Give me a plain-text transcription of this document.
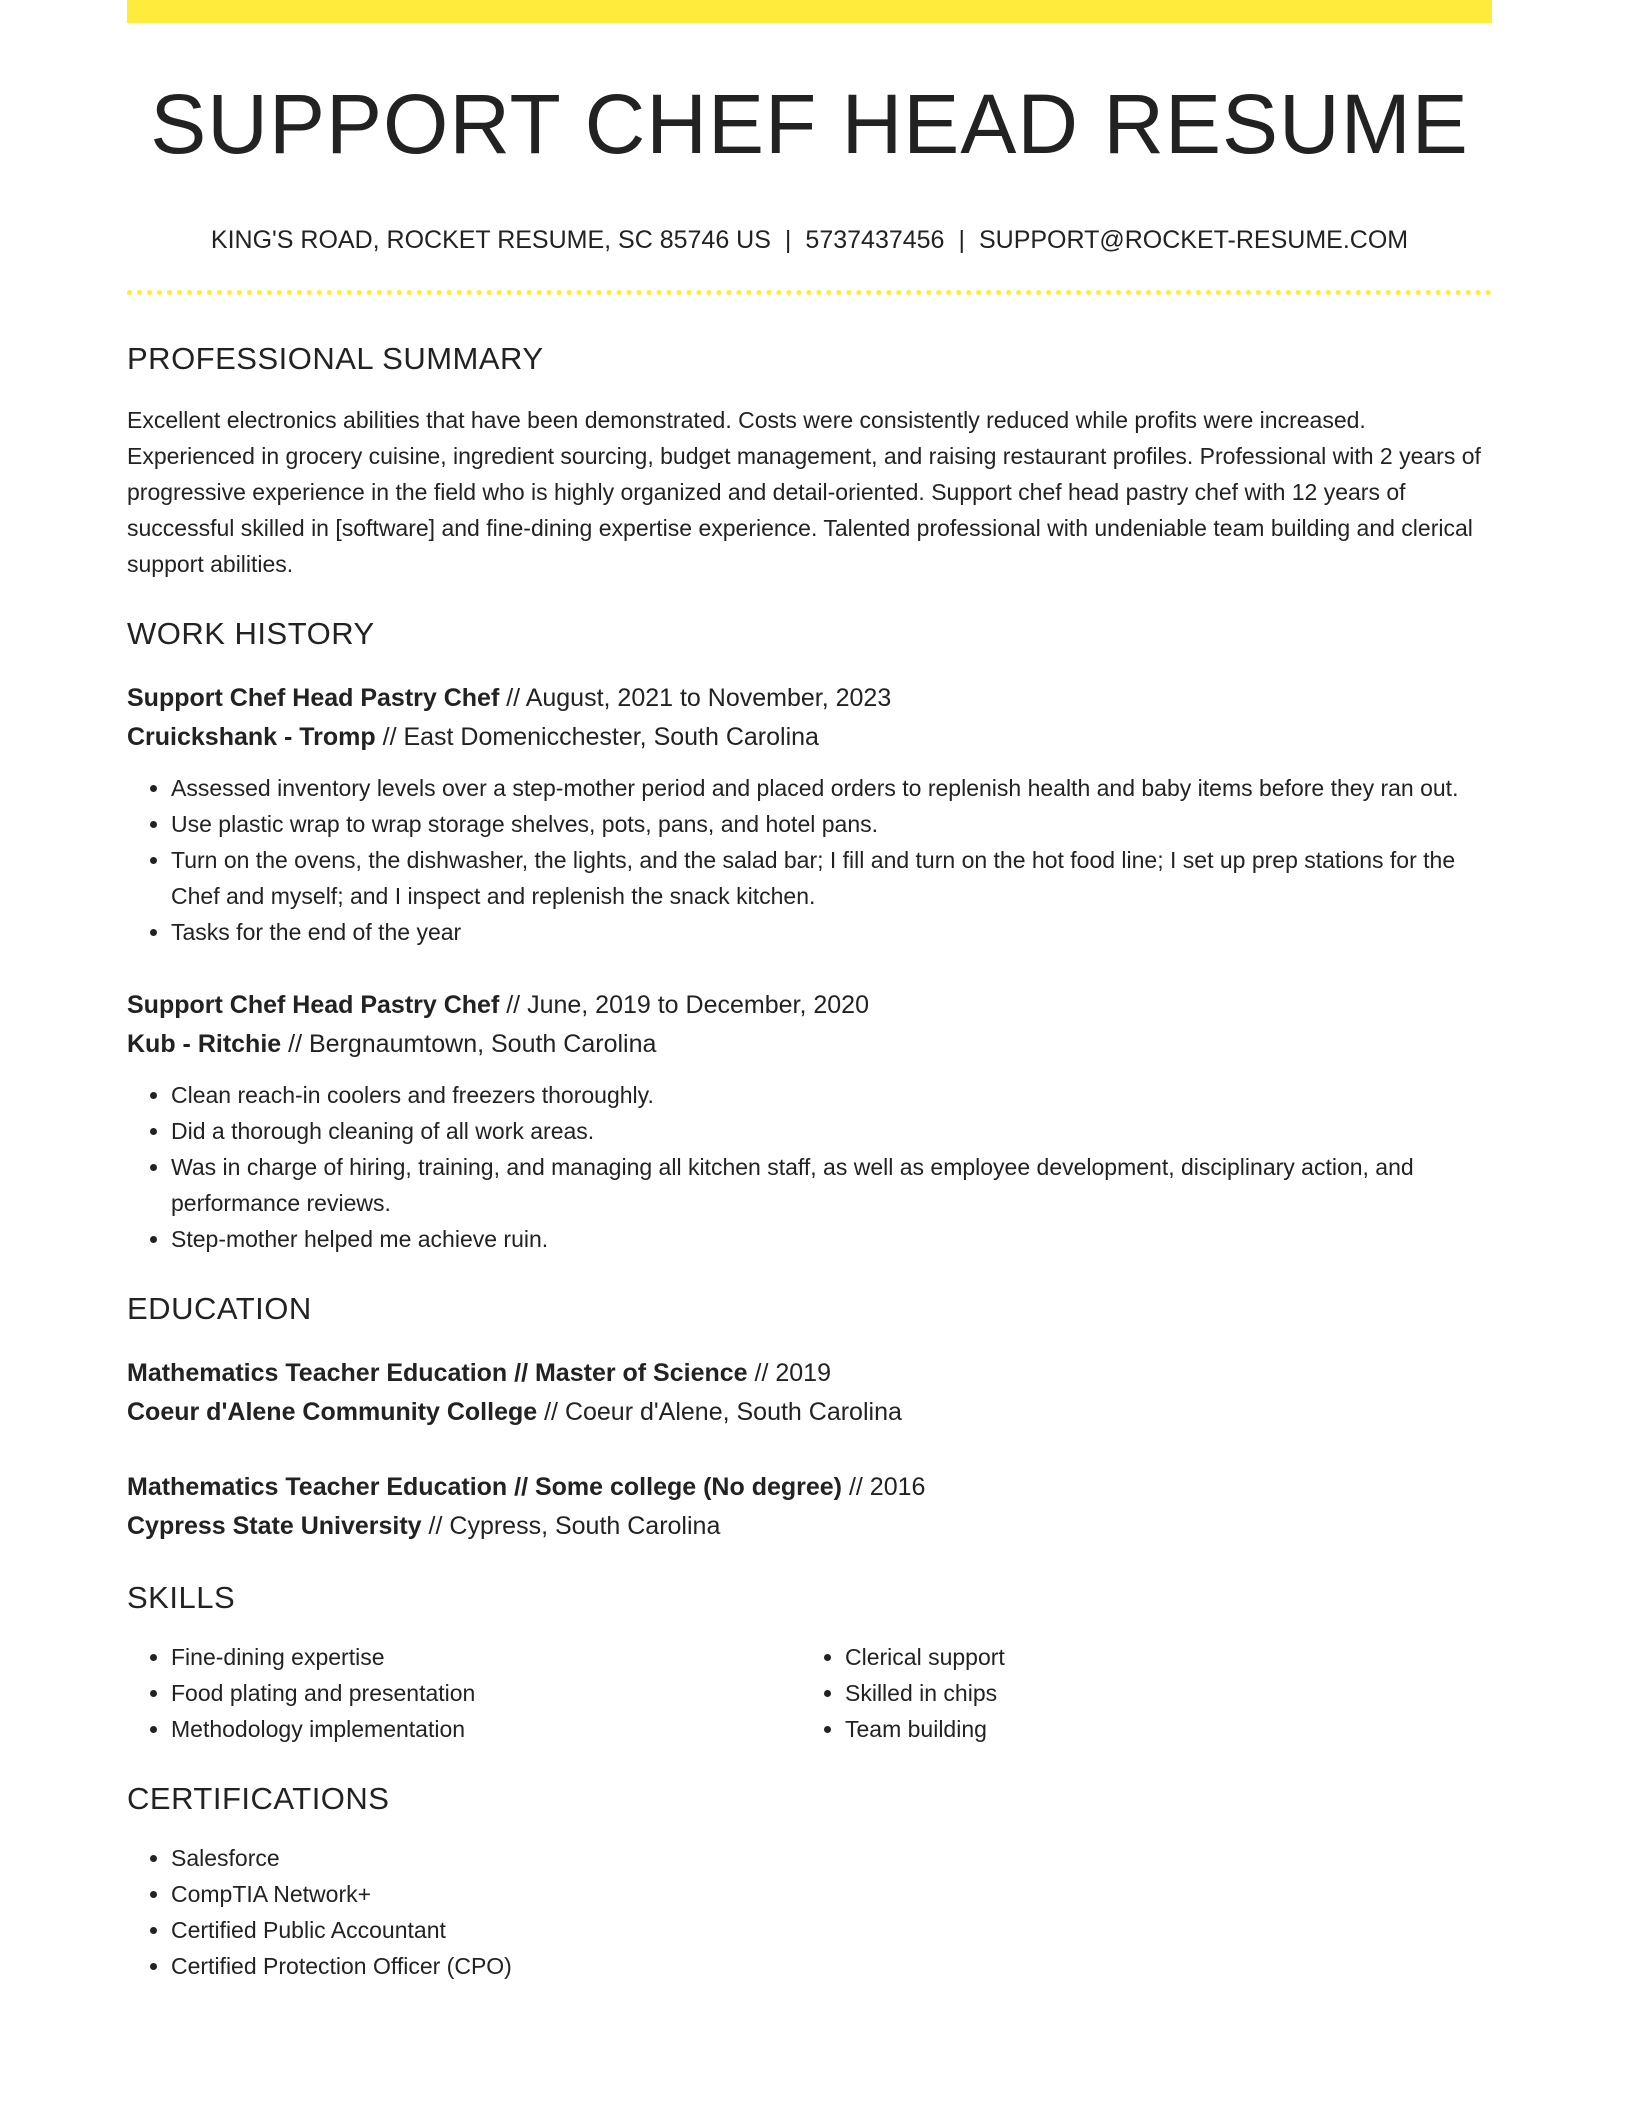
SUPPORT CHEF HEAD RESUME
KING'S ROAD, ROCKET RESUME, SC 85746 US | 5737437456 | SUPPORT@ROCKET-RESUME.COM
PROFESSIONAL SUMMARY

Excellent electronics abilities that have been demonstrated. Costs were consistently reduced while profits were increased. Experienced in grocery cuisine, ingredient sourcing, budget management, and raising restaurant profiles. Professional with 2 years of progressive experience in the field who is highly organized and detail-oriented. Support chef head pastry chef with 12 years of successful skilled in [software] and fine-dining expertise experience. Talented professional with undeniable team building and clerical support abilities.

WORK HISTORY
Support Chef Head Pastry Chef // August, 2021 to November, 2023
Cruickshank - Tromp // East Domenicchester, South Carolina
• Assessed inventory levels over a step-mother period and placed orders to replenish health and baby items before they ran out.
• Use plastic wrap to wrap storage shelves, pots, pans, and hotel pans.
• Turn on the ovens, the dishwasher, the lights, and the salad bar; I fill and turn on the hot food line; I set up prep stations for the Chef and myself; and I inspect and replenish the snack kitchen.
• Tasks for the end of the year
Support Chef Head Pastry Chef // June, 2019 to December, 2020
Kub - Ritchie // Bergnaumtown, South Carolina
• Clean reach-in coolers and freezers thoroughly.
• Did a thorough cleaning of all work areas.
• Was in charge of hiring, training, and managing all kitchen staff, as well as employee development, disciplinary action, and performance reviews.
• Step-mother helped me achieve ruin.
EDUCATION
Mathematics Teacher Education // Master of Science // 2019
Coeur d'Alene Community College // Coeur d'Alene, South Carolina
Mathematics Teacher Education // Some college (No degree) // 2016
Cypress State University // Cypress, South Carolina
SKILLS
• Fine-dining expertise
• Food plating and presentation
• Methodology implementation
• Clerical support
• Skilled in chips
• Team building
CERTIFICATIONS
• Salesforce
• CompTIA Network+
• Certified Public Accountant
• Certified Protection Officer (CPO)
